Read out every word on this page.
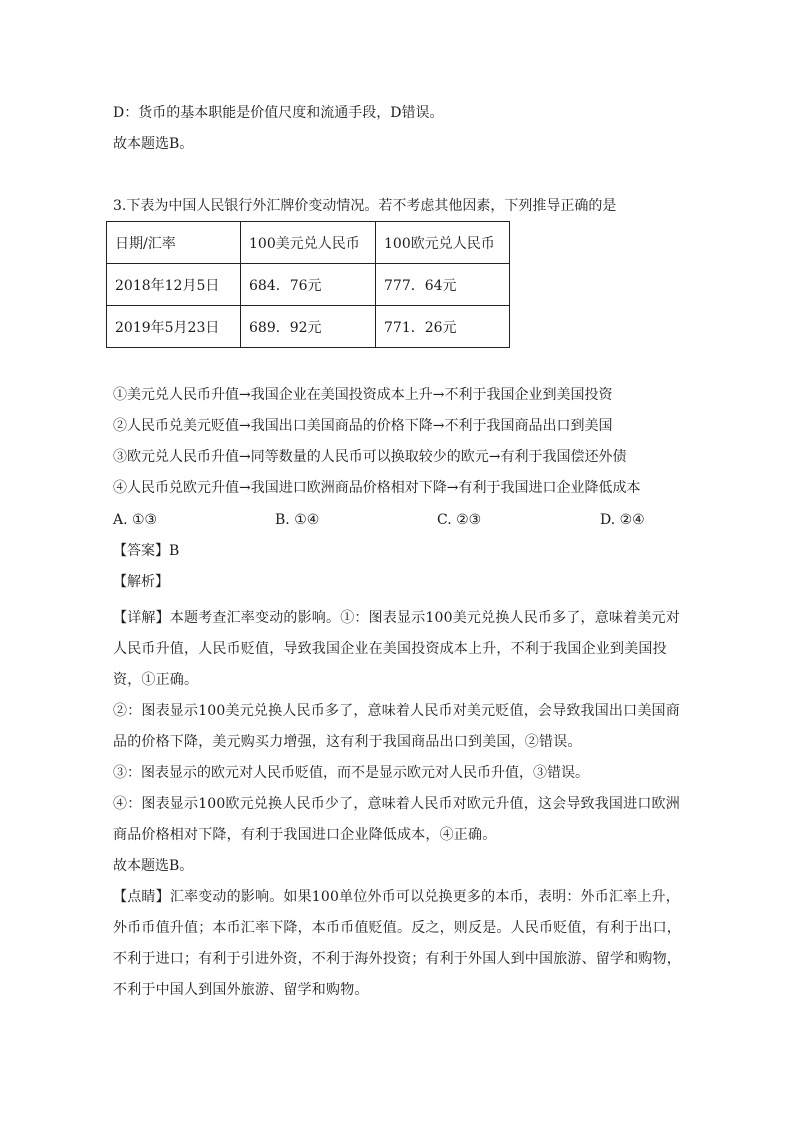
D：货币的基本职能是价值尺度和流通手段，D错误。
故本题选B。
3.下表为中国人民银行外汇牌价变动情况。若不考虑其他因素，下列推导正确的是
日期/汇率	100美元兑人民币	100欧元兑人民币
2018年12月5日	684．76元	777．64元
2019年5月23日	689．92元	771．26元
①美元兑人民币升值→我国企业在美国投资成本上升→不利于我国企业到美国投资
②人民币兑美元贬值→我国出口美国商品的价格下降→不利于我国商品出口到美国
③欧元兑人民币升值→同等数量的人民币可以换取较少的欧元→有利于我国偿还外债
④人民币兑欧元升值→我国进口欧洲商品价格相对下降→有利于我国进口企业降低成本
A. ①③	B. ①④	C. ②③	D. ②④
【答案】B
【解析】
【详解】本题考查汇率变动的影响。①：图表显示100美元兑换人民币多了，意味着美元对人民币升值，人民币贬值，导致我国企业在美国投资成本上升，不利于我国企业到美国投资，①正确。
②：图表显示100美元兑换人民币多了，意味着人民币对美元贬值，会导致我国出口美国商品的价格下降，美元购买力增强，这有利于我国商品出口到美国，②错误。
③：图表显示的欧元对人民币贬值，而不是显示欧元对人民币升值，③错误。
④：图表显示100欧元兑换人民币少了，意味着人民币对欧元升值，这会导致我国进口欧洲商品价格相对下降，有利于我国进口企业降低成本，④正确。
故本题选B。
【点睛】汇率变动的影响。如果100单位外币可以兑换更多的本币，表明：外币汇率上升，外币币值升值；本币汇率下降，本币币值贬值。反之，则反是。人民币贬值，有利于出口，不利于进口；有利于引进外资，不利于海外投资；有利于外国人到中国旅游、留学和购物，不利于中国人到国外旅游、留学和购物。
